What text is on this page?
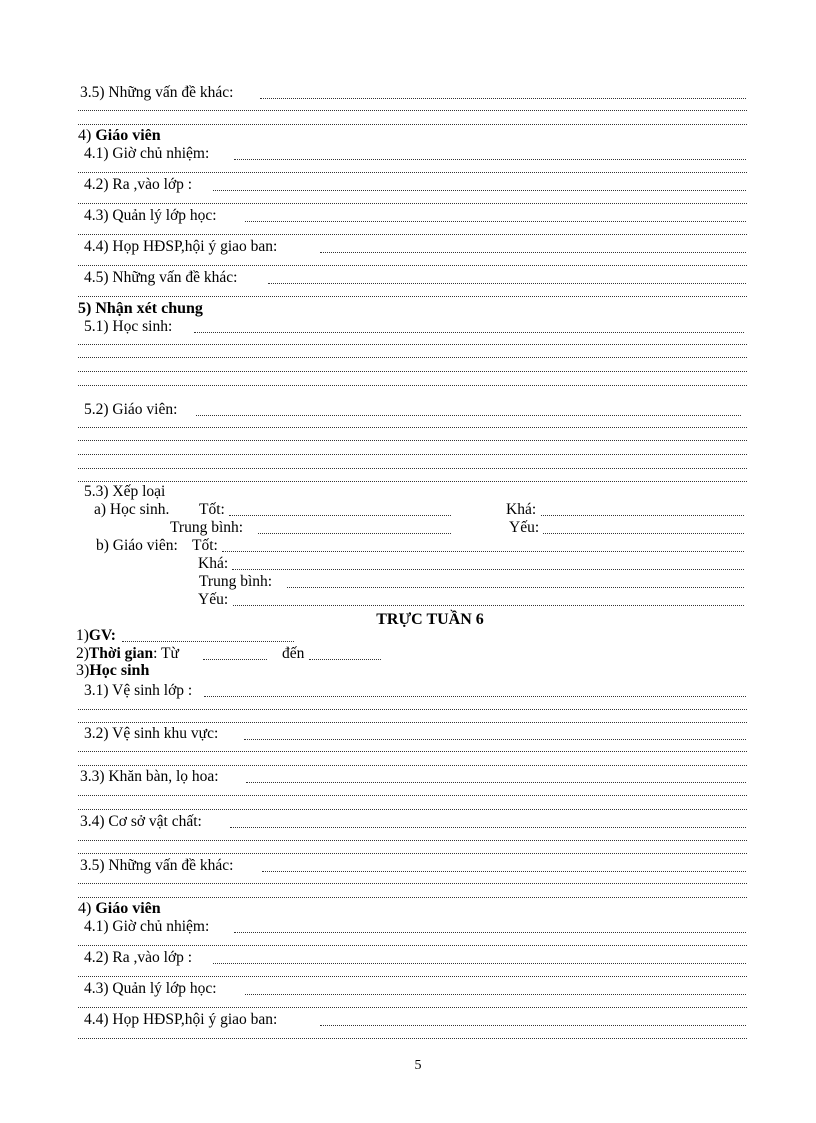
3.5) Những vấn đề khác:
4) Giáo viên
4.1) Giờ chủ nhiệm:
4.2) Ra ,vào lớp :
4.3) Quản lý lớp học:
4.4) Họp HĐSP,hội ý giao ban:
4.5) Những vấn đề khác:
5) Nhận xét chung
5.1) Học sinh:
5.2) Giáo viên:
5.3) Xếp loại
a) Học sinh. Tốt:	Khá:
Trung bình:	Yếu:
b) Giáo viên: Tốt:
Khá:
Trung bình:
Yếu:
TRỰC TUẦN 6
1)GV:
2)Thời gian: Từ	đến
3)Học sinh
3.1) Vệ sinh lớp :
3.2) Vệ sinh khu vực:
3.3) Khăn bàn, lọ hoa:
3.4) Cơ sở vật chất:
3.5) Những vấn đề khác:
4) Giáo viên
4.1) Giờ chủ nhiệm:
4.2) Ra ,vào lớp :
4.3) Quản lý lớp học:
4.4) Họp HĐSP,hội ý giao ban:
5
